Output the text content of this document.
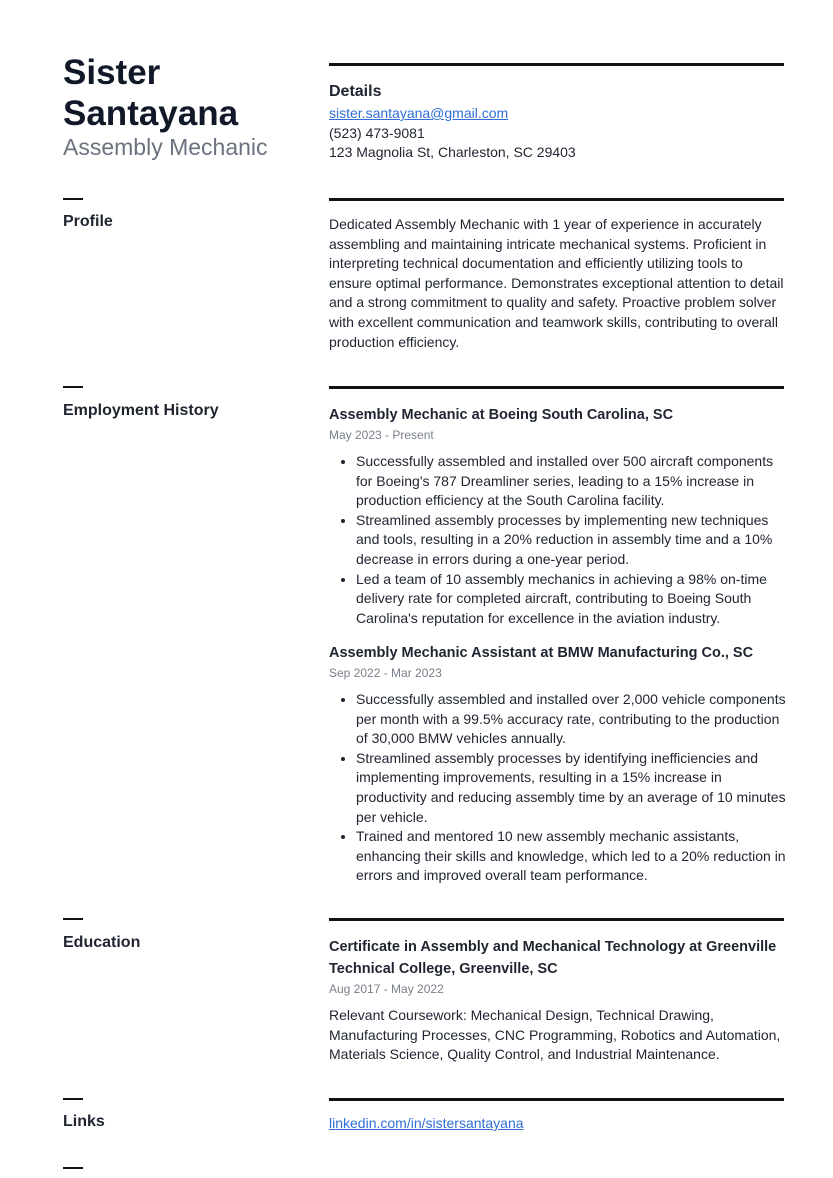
Sister
Santayana
Assembly Mechanic
Details
sister.santayana@gmail.com
(523) 473-9081
123 Magnolia St, Charleston, SC 29403
Profile	Dedicated Assembly Mechanic with 1 year of experience in accurately assembling and maintaining intricate mechanical systems. Proficient in interpreting technical documentation and efficiently utilizing tools to ensure optimal performance. Demonstrates exceptional attention to detail and a strong commitment to quality and safety. Proactive problem solver with excellent communication and teamwork skills, contributing to overall production efficiency.

Employment History	Assembly Mechanic at Boeing South Carolina, SC
May 2023 - Present
• Successfully assembled and installed over 500 aircraft components for Boeing's 787 Dreamliner series, leading to a 15% increase in production efficiency at the South Carolina facility.
• Streamlined assembly processes by implementing new techniques and tools, resulting in a 20% reduction in assembly time and a 10% decrease in errors during a one-year period.
• Led a team of 10 assembly mechanics in achieving a 98% on-time delivery rate for completed aircraft, contributing to Boeing South Carolina's reputation for excellence in the aviation industry.
Assembly Mechanic Assistant at BMW Manufacturing Co., SC
Sep 2022 - Mar 2023
• Successfully assembled and installed over 2,000 vehicle components per month with a 99.5% accuracy rate, contributing to the production of 30,000 BMW vehicles annually.
• Streamlined assembly processes by identifying inefficiencies and implementing improvements, resulting in a 15% increase in productivity and reducing assembly time by an average of 10 minutes per vehicle.
• Trained and mentored 10 new assembly mechanic assistants, enhancing their skills and knowledge, which led to a 20% reduction in errors and improved overall team performance.
Education	Certificate in Assembly and Mechanical Technology at Greenville Technical College, Greenville, SC
Aug 2017 - May 2022

Relevant Coursework: Mechanical Design, Technical Drawing, Manufacturing Processes, CNC Programming, Robotics and Automation, Materials Science, Quality Control, and Industrial Maintenance.

Links	linkedin.com/in/sistersantayana
